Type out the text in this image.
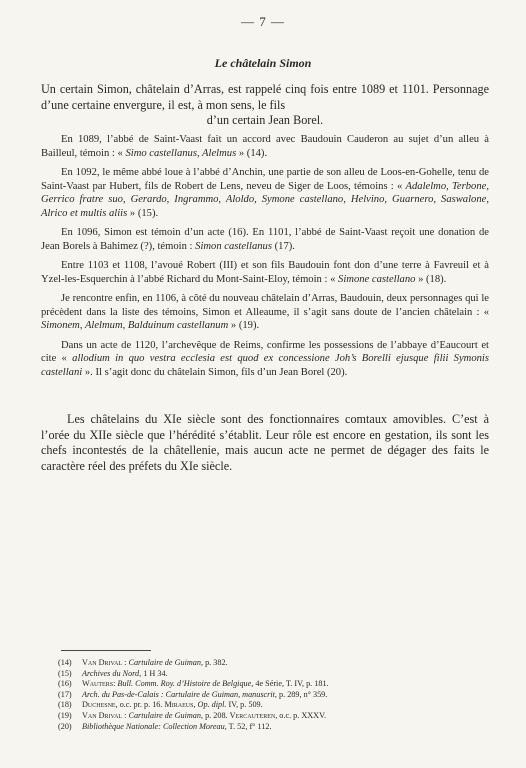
— 7 —
Le châtelain Simon

Un certain Simon, châtelain d’Arras, est rappelé cinq fois entre 1089 et 1101. Personnage d’une certaine envergure, il est, à mon sens, le fils
d’un certain Jean Borel.

En 1089, l’abbé de Saint-Vaast fait un accord avec Baudouin Cauderon au sujet d’un alleu à Bailleul, témoin : « Simo castellanus, Alelmus » (14).

En 1092, le même abbé loue à l’abbé d’Anchin, une partie de son alleu de Loos-en-Gohelle, tenu de Saint-Vaast par Hubert, fils de Robert de Lens, neveu de Siger de Loos, témoins : « Adalelmo, Terbone, Gerrico fratre suo, Gerardo, Ingrammo, Aloldo, Symone castellano, Helvino, Guarnero, Saswalone, Alrico et multis aliis » (15).

En 1096, Simon est témoin d’un acte (16). En 1101, l’abbé de Saint-Vaast reçoit une donation de Jean Borels à Bahimez (?), témoin : Simon castellanus (17).

Entre 1103 et 1108, l’avoué Robert (III) et son fils Baudouin font don d’une terre à Favreuil et à Yzel-les-Esquerchin à l’abbé Richard du Mont-Saint-Eloy, témoin : « Simone castellano » (18).

Je rencontre enfin, en 1106, à côté du nouveau châtelain d’Arras, Baudouin, deux personnages qui le précèdent dans la liste des témoins, Simon et Alleaume, il s’agit sans doute de l’ancien châtelain : « Simonem, Alelmum, Balduinum castellanum » (19).

Dans un acte de 1120, l’archevêque de Reims, confirme les possessions de l’abbaye d’Eaucourt et cite « allodium in quo vestra ecclesia est quod ex concessione Joh’s Borelli ejusque filii Symonis castellani ». Il s’agit donc du châtelain Simon, fils d’un Jean Borel (20).

Les châtelains du XIe siècle sont des fonctionnaires comtaux amovibles. C’est à l’orée du XIIe siècle que l’hérédité s’établit. Leur rôle est encore en gestation, ils sont les chefs incontestés de la châtellenie, mais aucun acte ne permet de dégager des faits le caractère réel des préfets du XIe siècle.

(14)	Van Drival : Cartulaire de Guiman, p. 382.
(15)	Archives du Nord, 1 H 34.
(16)	Wauters: Bull. Comm. Roy. d’Histoire de Belgique, 4e Série, T. IV, p. 181.
(17)	Arch. du Pas-de-Calais : Cartulaire de Guiman, manuscrit, p. 289, n° 359.
(18)	Duchesne, o.c. pr. p. 16. Miraeus, Op. dipl. IV, p. 509.
(19)	Van Drival : Cartulaire de Guiman, p. 208. Vercauteren, o.c. p. XXXV.
(20)	Bibliothèque Nationale: Collection Moreau, T. 52, f° 112.
